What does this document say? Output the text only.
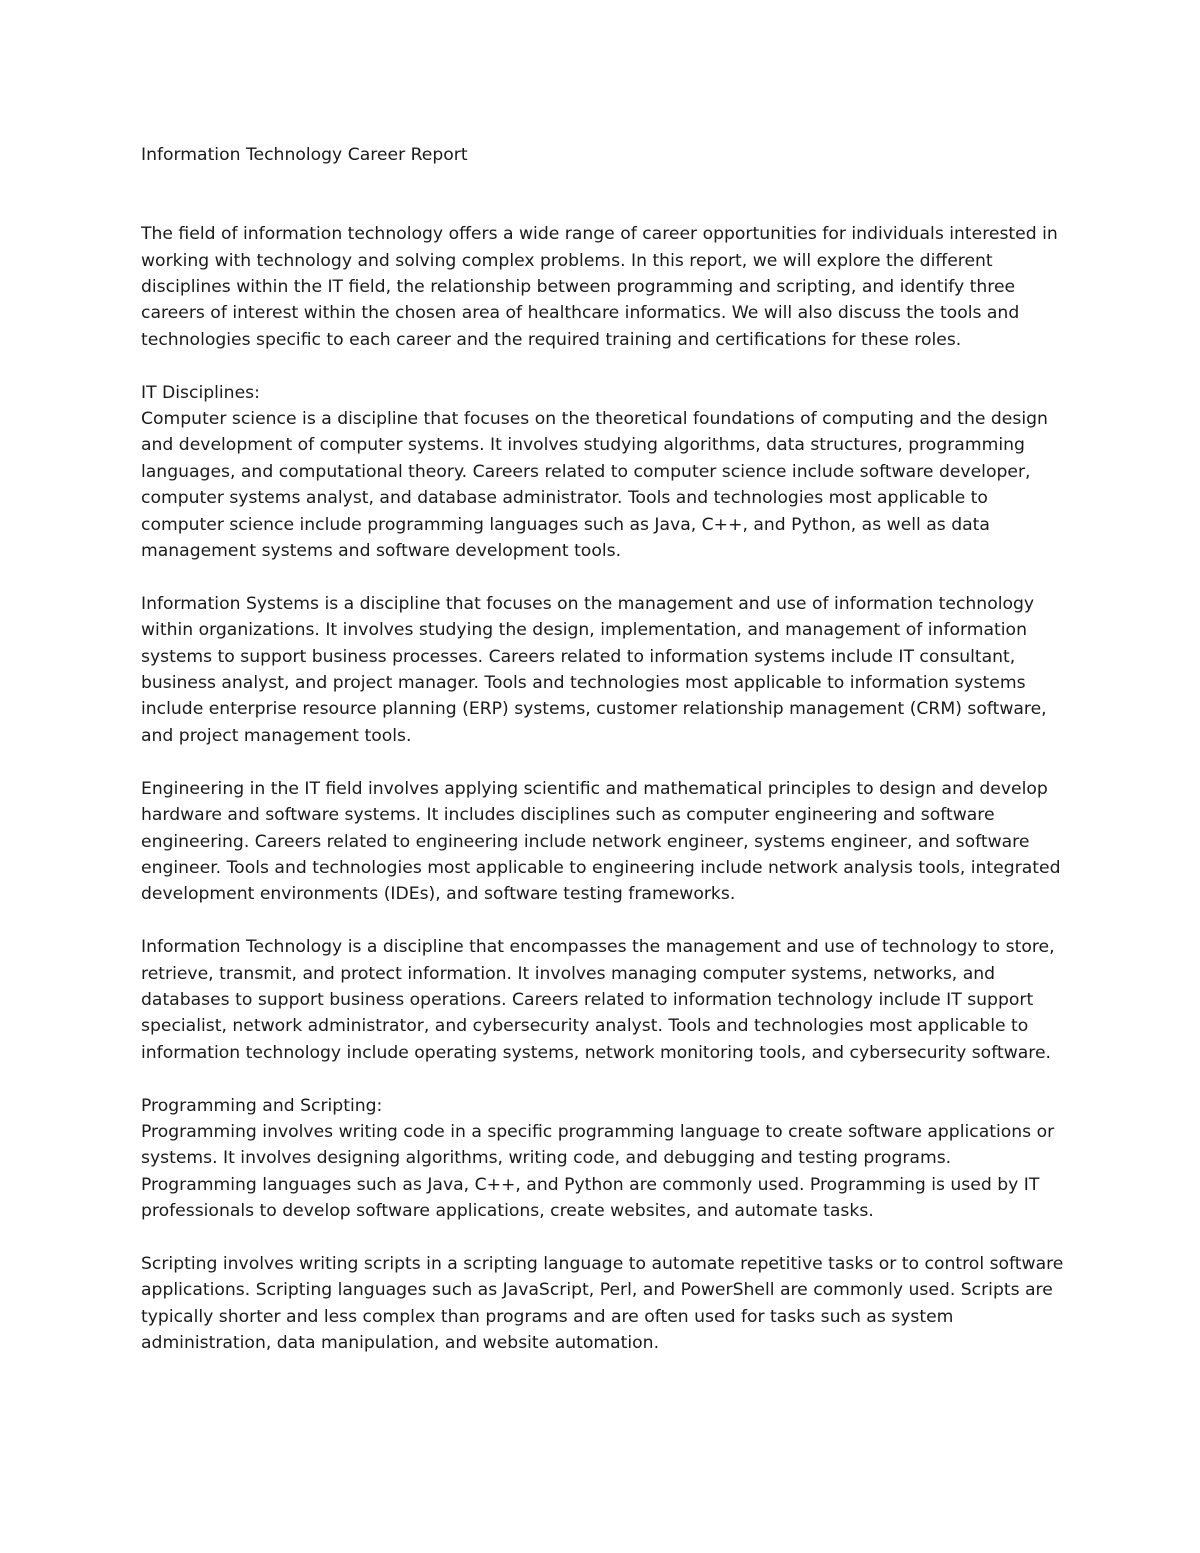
Information Technology Career Report

The field of information technology offers a wide range of career opportunities for individuals interested in working with technology and solving complex problems. In this report, we will explore the different disciplines within the IT field, the relationship between programming and scripting, and identify three careers of interest within the chosen area of healthcare informatics. We will also discuss the tools and technologies specific to each career and the required training and certifications for these roles.

IT Disciplines:

Computer science is a discipline that focuses on the theoretical foundations of computing and the design and development of computer systems. It involves studying algorithms, data structures, programming languages, and computational theory. Careers related to computer science include software developer, computer systems analyst, and database administrator. Tools and technologies most applicable to computer science include programming languages such as Java, C++, and Python, as well as data management systems and software development tools.

Information Systems is a discipline that focuses on the management and use of information technology within organizations. It involves studying the design, implementation, and management of information systems to support business processes. Careers related to information systems include IT consultant, business analyst, and project manager. Tools and technologies most applicable to information systems include enterprise resource planning (ERP) systems, customer relationship management (CRM) software, and project management tools.

Engineering in the IT field involves applying scientific and mathematical principles to design and develop hardware and software systems. It includes disciplines such as computer engineering and software engineering. Careers related to engineering include network engineer, systems engineer, and software engineer. Tools and technologies most applicable to engineering include network analysis tools, integrated development environments (IDEs), and software testing frameworks.

Information Technology is a discipline that encompasses the management and use of technology to store, retrieve, transmit, and protect information. It involves managing computer systems, networks, and databases to support business operations. Careers related to information technology include IT support specialist, network administrator, and cybersecurity analyst. Tools and technologies most applicable to information technology include operating systems, network monitoring tools, and cybersecurity software.

Programming and Scripting:

Programming involves writing code in a specific programming language to create software applications or systems. It involves designing algorithms, writing code, and debugging and testing programs. Programming languages such as Java, C++, and Python are commonly used. Programming is used by IT professionals to develop software applications, create websites, and automate tasks.

Scripting involves writing scripts in a scripting language to automate repetitive tasks or to control software applications. Scripting languages such as JavaScript, Perl, and PowerShell are commonly used. Scripts are typically shorter and less complex than programs and are often used for tasks such as system administration, data manipulation, and website automation.
